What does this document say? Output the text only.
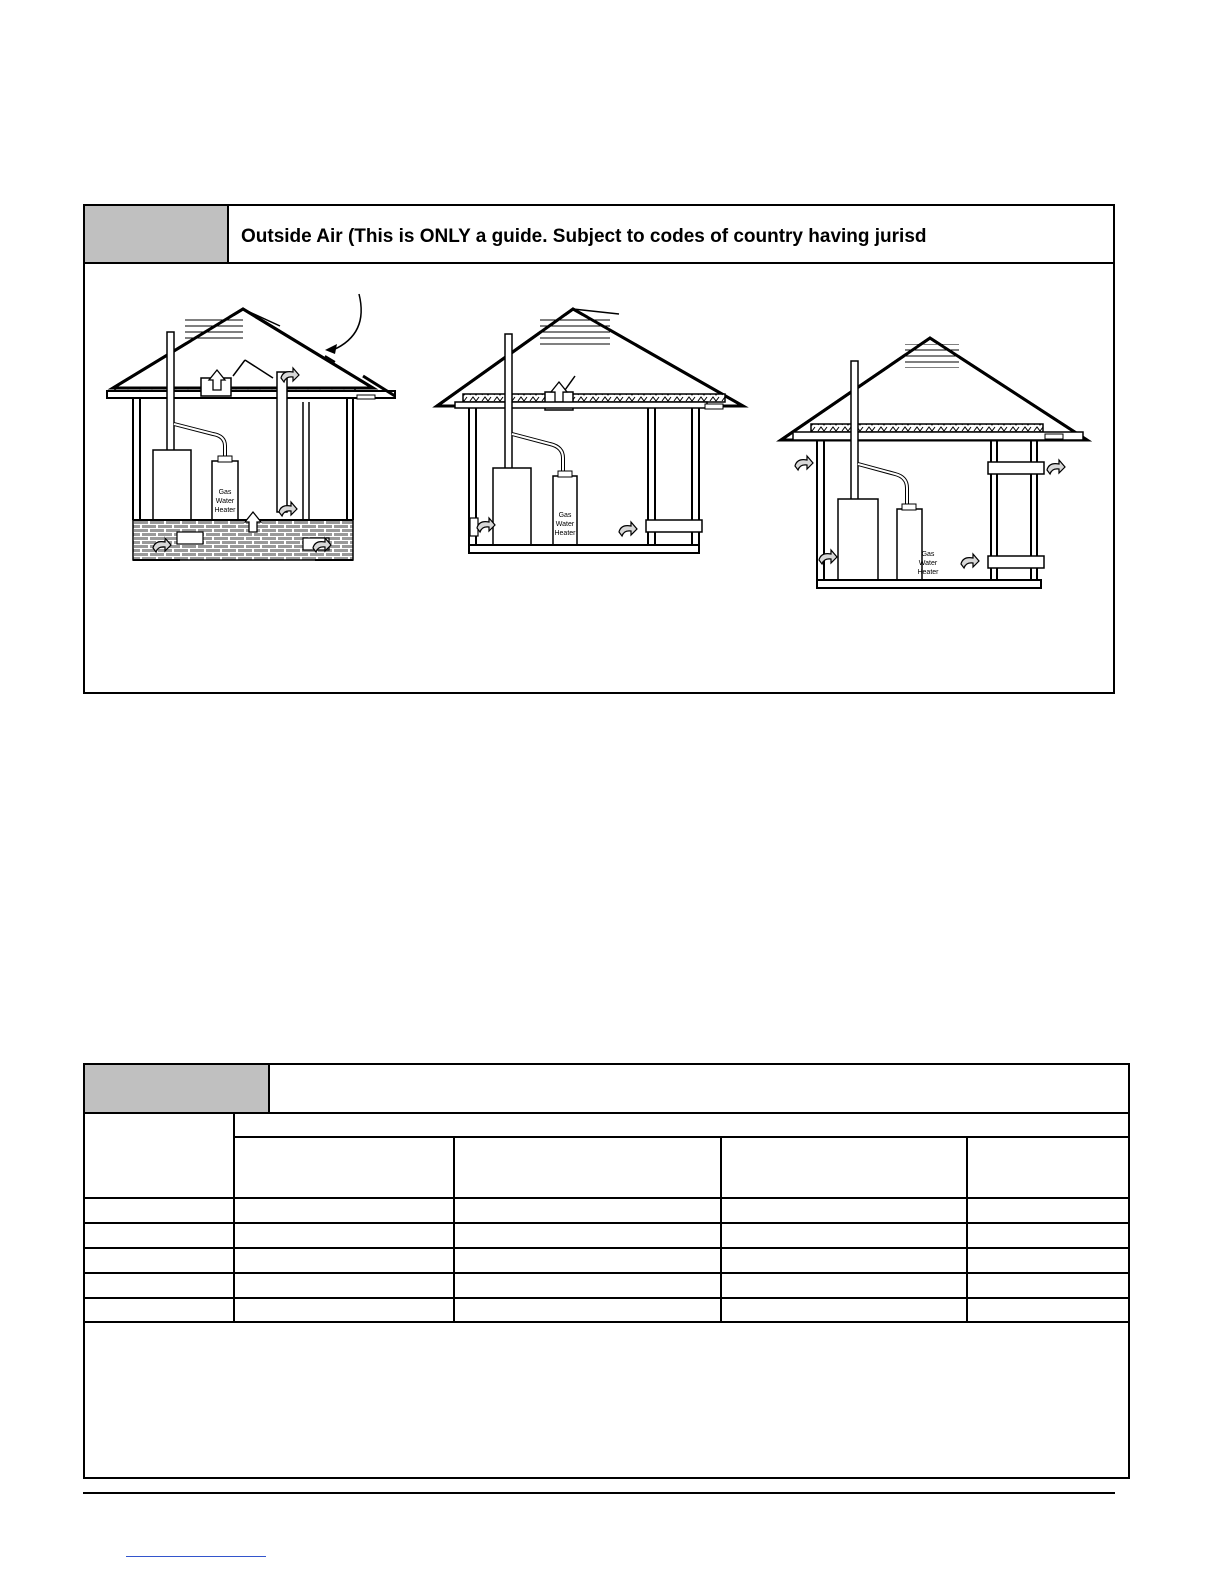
Outside Air (This is ONLY a guide. Subject to codes of country having jurisd
Gas
Water
Heater
Gas
Water
Heater
Gas
Water
Heater
